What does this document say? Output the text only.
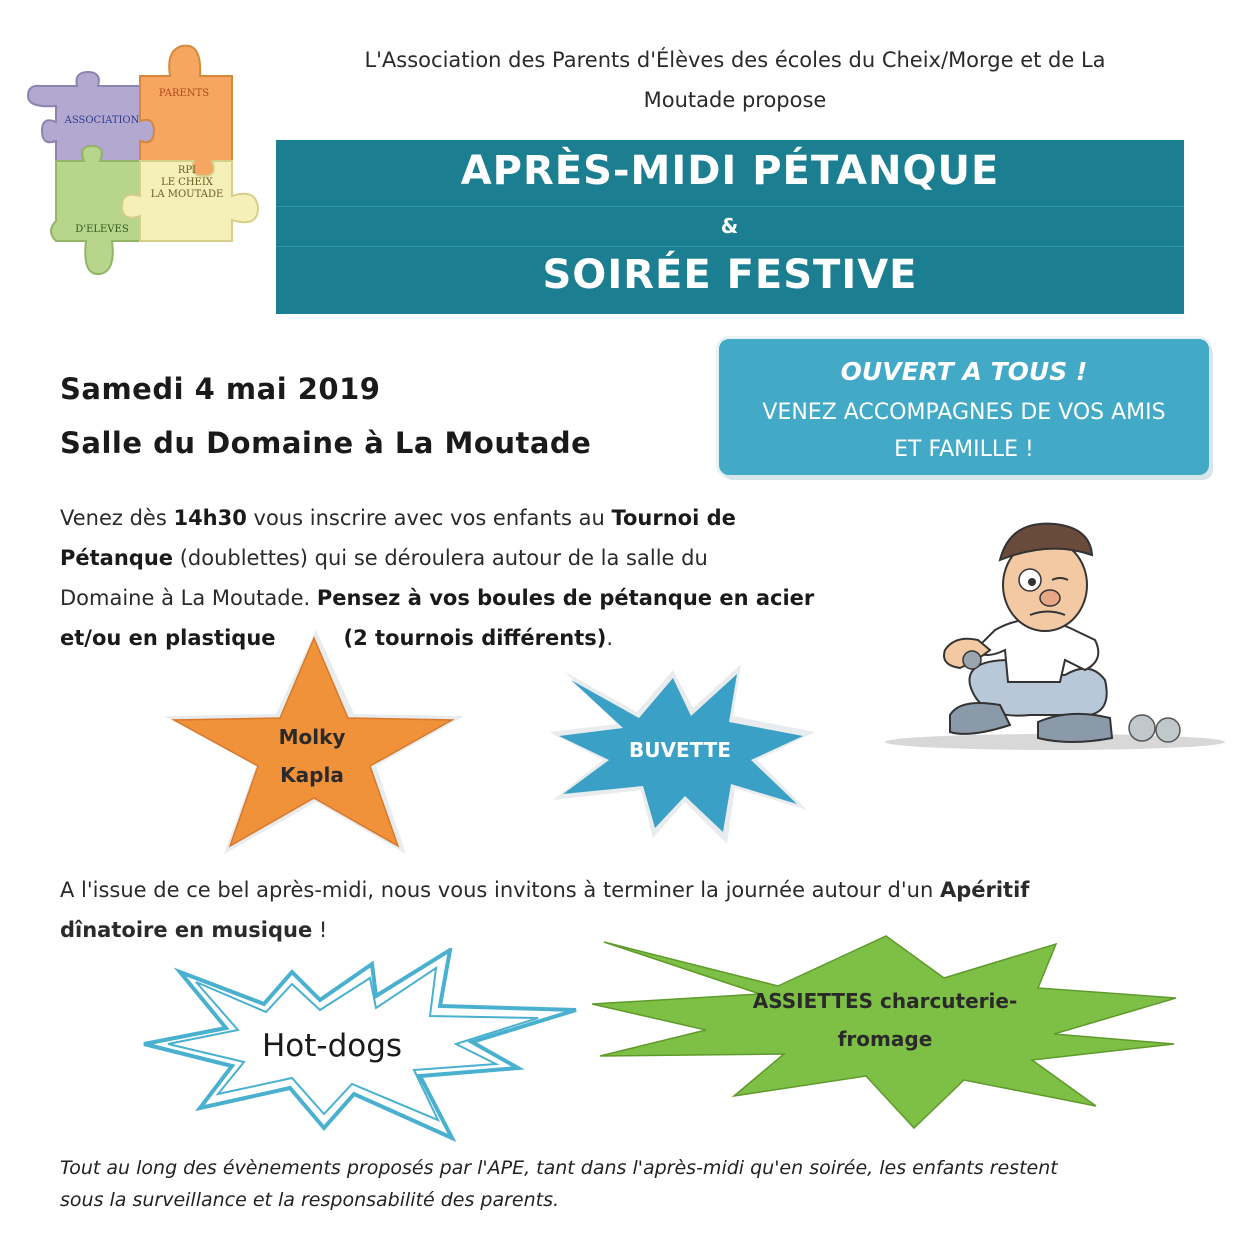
ASSOCIATION
PARENTS
RPI
LE CHEIX
LA MOUTADE
D'ELEVES
L'Association des Parents d'Élèves des écoles du Cheix/Morge et de La
Moutade propose
APRÈS-MIDI PÉTANQUE
&
SOIRÉE FESTIVE
Samedi 4 mai 2019
Salle du Domaine à La Moutade
OUVERT A TOUS !
VENEZ ACCOMPAGNES DE VOS AMIS
ET FAMILLE !
Venez dès 14h30 vous inscrire avec vos enfants au Tournoi de
Pétanque (doublettes) qui se déroulera autour de la salle du
Domaine à La Moutade. Pensez à vos boules de pétanque en acier
et/ou en plastique	(2 tournois différents).
Molky
Kapla
BUVETTE
A l'issue de ce bel après-midi, nous vous invitons à terminer la journée autour d'un Apéritif
dînatoire en musique !
Hot-dogs
ASSIETTES charcuterie-
fromage
Tout au long des évènements proposés par l'APE, tant dans l'après-midi qu'en soirée, les enfants restent
sous la surveillance et la responsabilité des parents.
